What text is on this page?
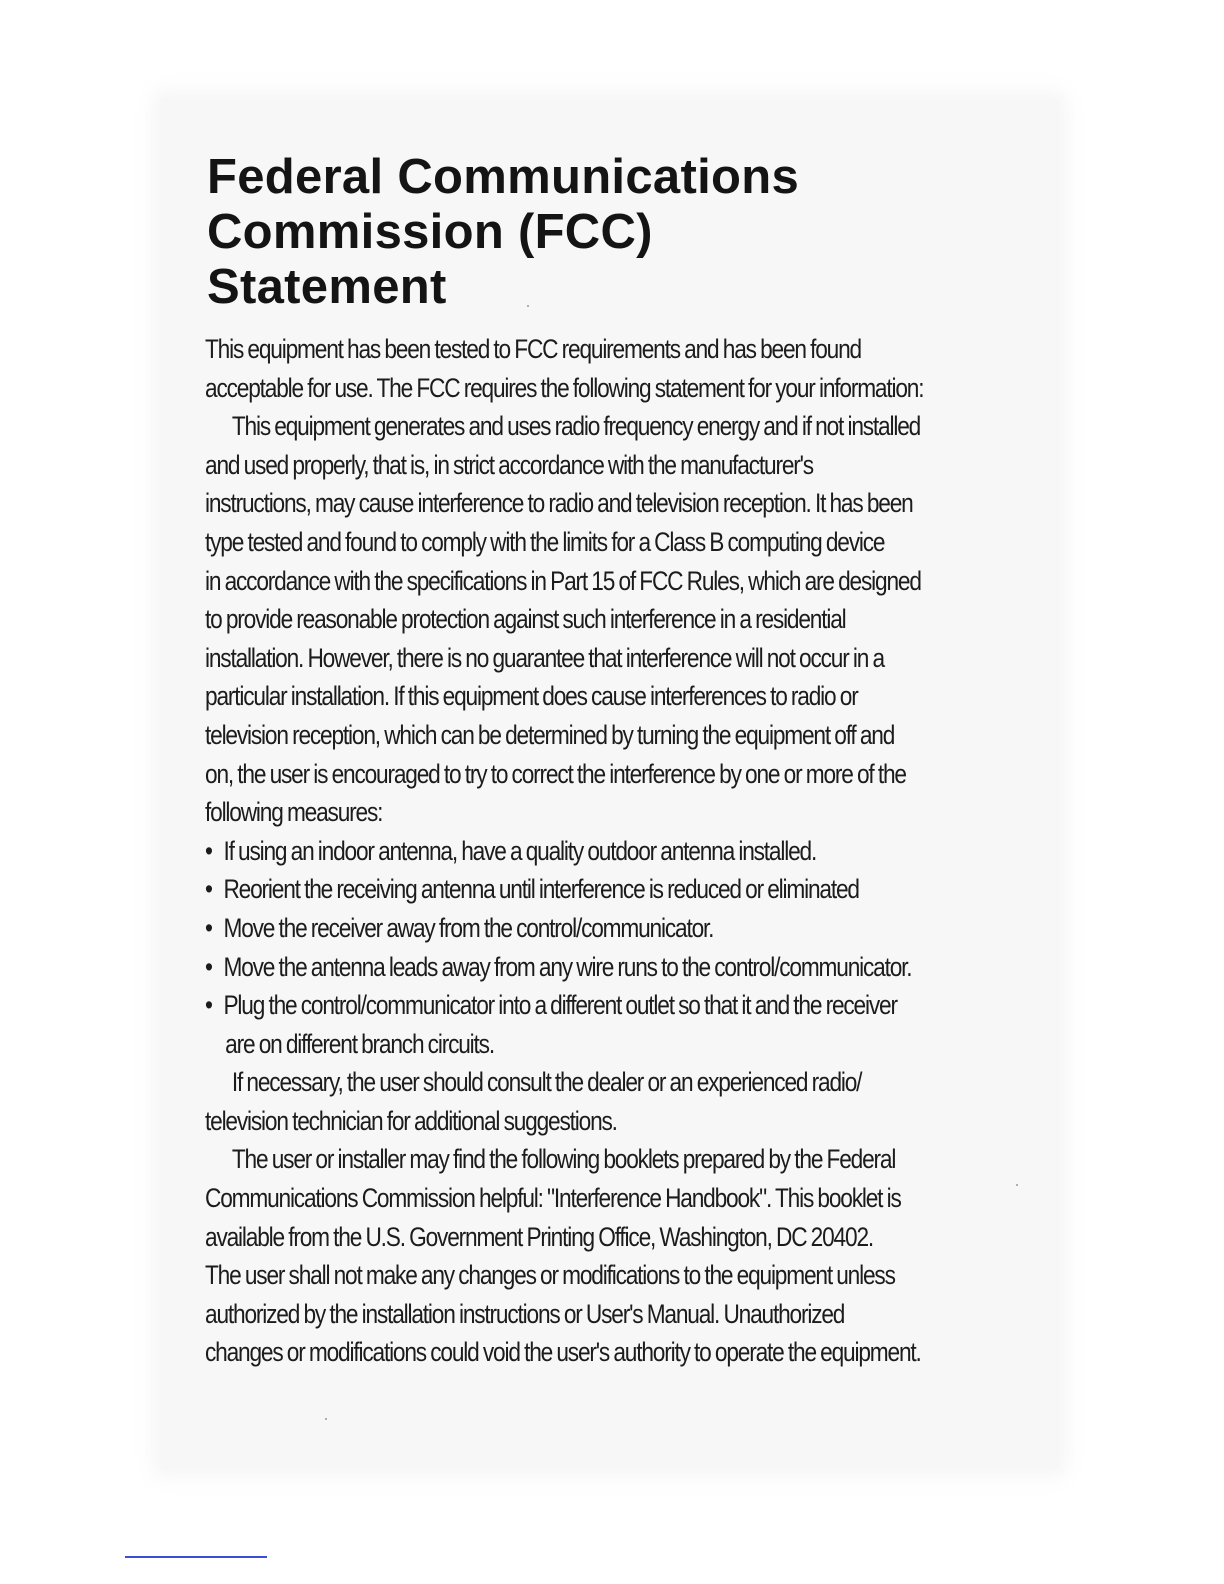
Federal Communications
Commission (FCC)
Statement
This equipment has been tested to FCC requirements and has been found
acceptable for use. The FCC requires the following statement for your information:
This equipment generates and uses radio frequency energy and if not installed
and used properly, that is, in strict accordance with the manufacturer's
instructions, may cause interference to radio and television reception. It has been
type tested and found to comply with the limits for a Class B computing device
in accordance with the specifications in Part 15 of FCC Rules, which are designed
to provide reasonable protection against such interference in a residential
installation. However, there is no guarantee that interference will not occur in a
particular installation. If this equipment does cause interferences to radio or
television reception, which can be determined by turning the equipment off and
on, the user is encouraged to try to correct the interference by one or more of the
following measures:
• If using an indoor antenna, have a quality outdoor antenna installed.
• Reorient the receiving antenna until interference is reduced or eliminated
• Move the receiver away from the control/communicator.
• Move the antenna leads away from any wire runs to the control/communicator.
• Plug the control/communicator into a different outlet so that it and the receiver
are on different branch circuits.
If necessary, the user should consult the dealer or an experienced radio/
television technician for additional suggestions.
The user or installer may find the following booklets prepared by the Federal
Communications Commission helpful: "Interference Handbook". This booklet is
available from the U.S. Government Printing Office, Washington, DC 20402.
The user shall not make any changes or modifications to the equipment unless
authorized by the installation instructions or User's Manual. Unauthorized
changes or modifications could void the user's authority to operate the equipment.
